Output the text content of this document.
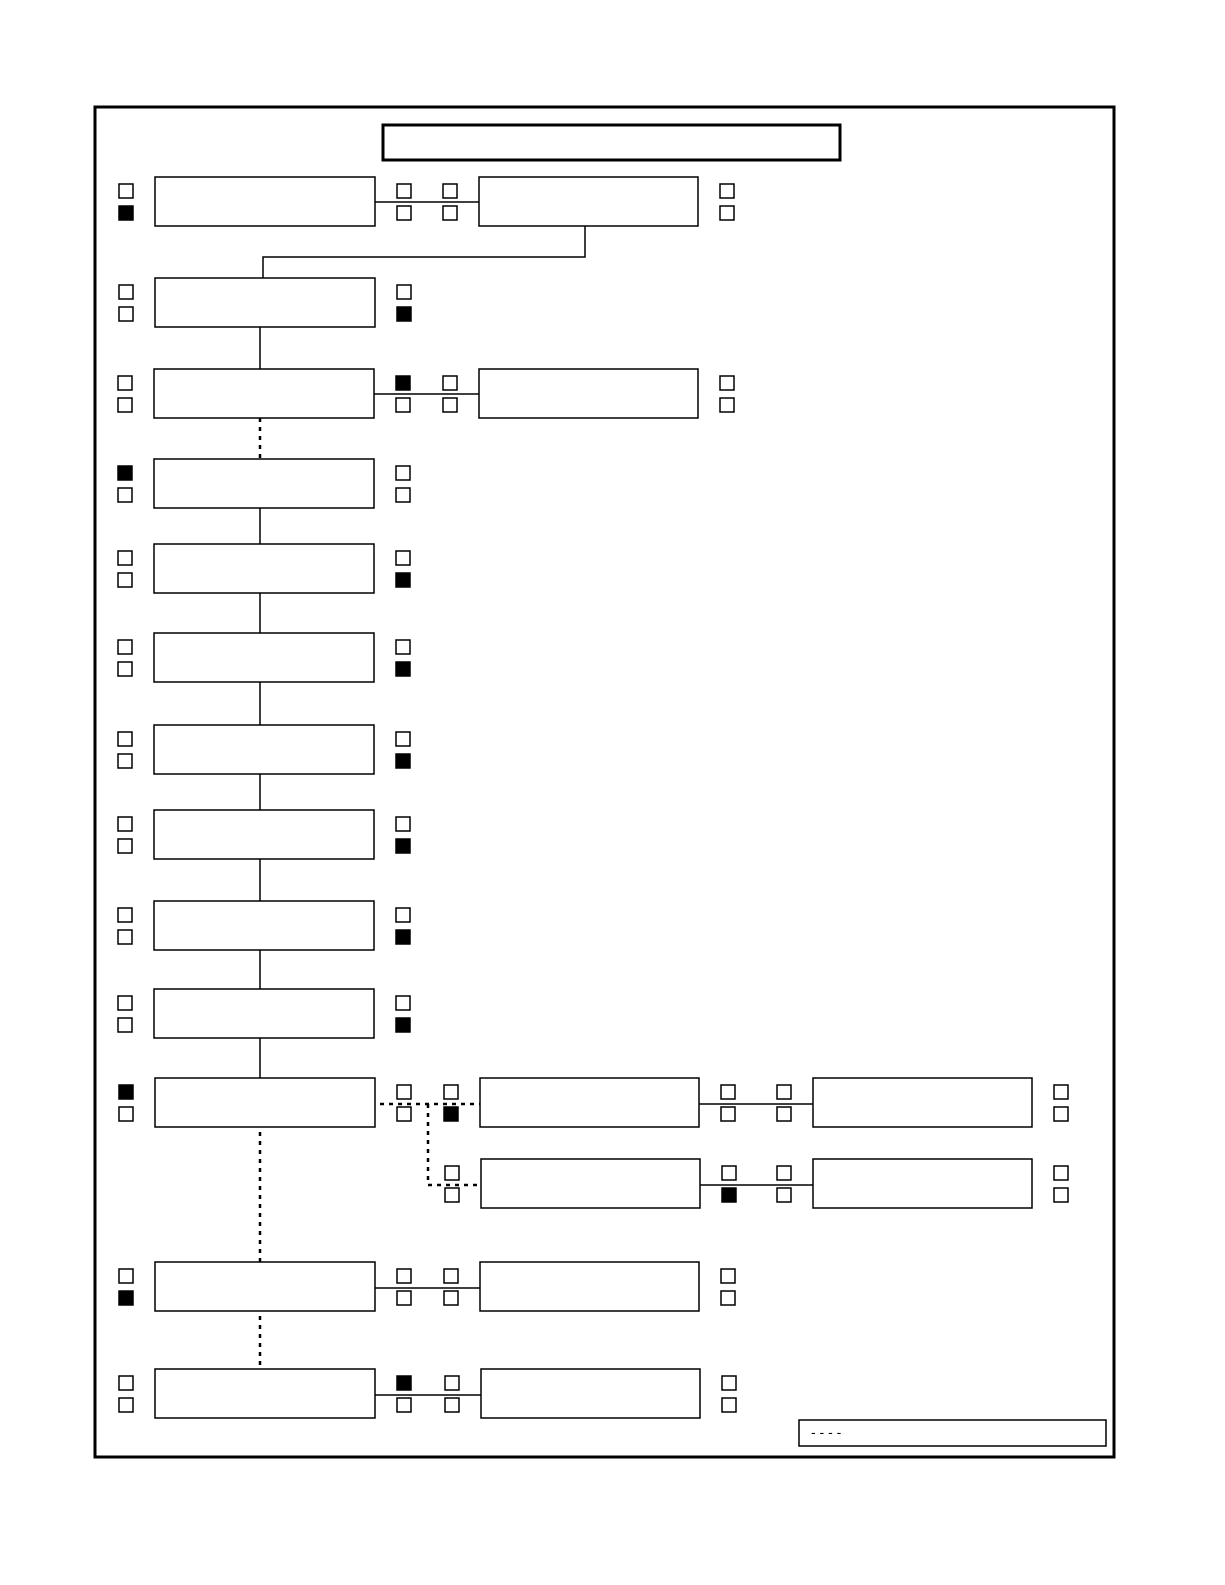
- - - -
